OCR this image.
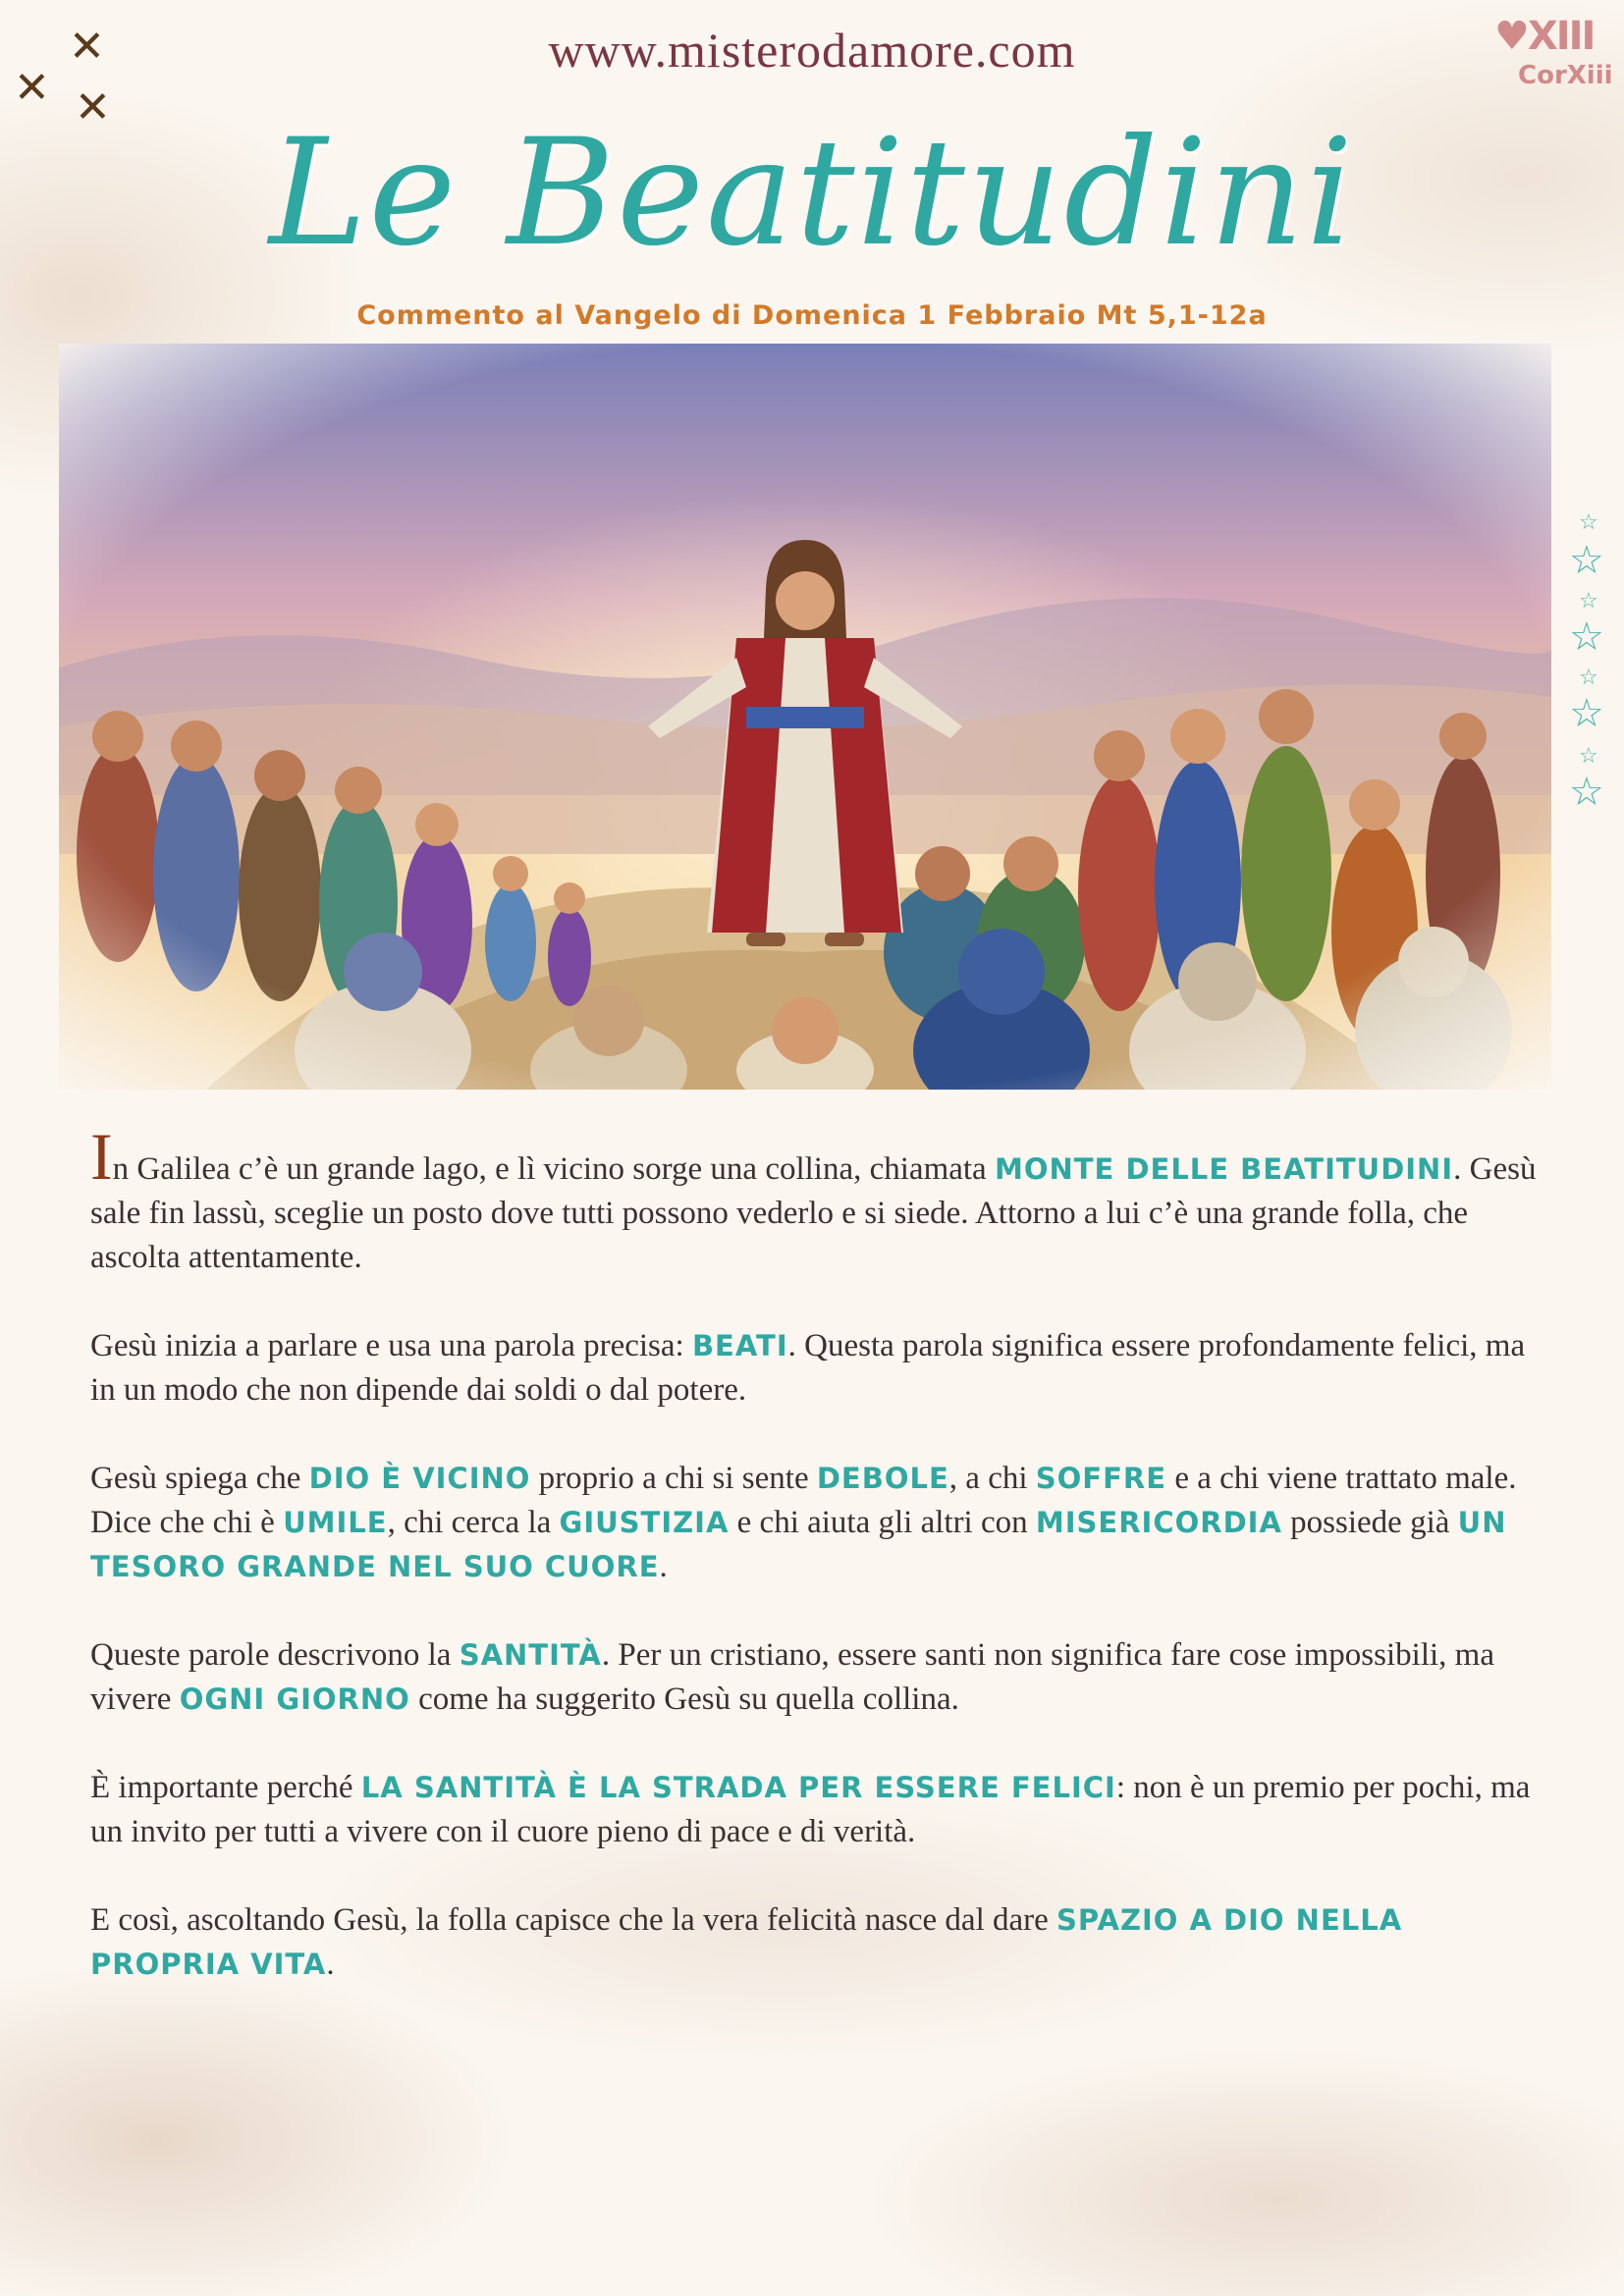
www.misterodamore.com
✕
✕ ✕
♥XIII
CorXiii
Le Beatitudini
Commento al Vangelo di Domenica 1 Febbraio Mt 5,1-12a
☆
☆
☆
☆
☆
☆
☆
☆

In Galilea c’è un grande lago, e lì vicino sorge una collina, chiamata MONTE DELLE BEATITUDINI. Gesù sale fin lassù, sceglie un posto dove tutti possono vederlo e si siede. Attorno a lui c’è una grande folla, che ascolta attentamente.

Gesù inizia a parlare e usa una parola precisa: BEATI. Questa parola significa essere profondamente felici, ma in un modo che non dipende dai soldi o dal potere.

Gesù spiega che DIO È VICINO proprio a chi si sente DEBOLE, a chi SOFFRE e a chi viene trattato male. Dice che chi è UMILE, chi cerca la GIUSTIZIA e chi aiuta gli altri con MISERICORDIA possiede già UN TESORO GRANDE NEL SUO CUORE.

Queste parole descrivono la SANTITÀ. Per un cristiano, essere santi non significa fare cose impossibili, ma vivere OGNI GIORNO come ha suggerito Gesù su quella collina.

È importante perché LA SANTITÀ È LA STRADA PER ESSERE FELICI: non è un premio per pochi, ma un invito per tutti a vivere con il cuore pieno di pace e di verità.

E così, ascoltando Gesù, la folla capisce che la vera felicità nasce dal dare SPAZIO A DIO NELLA PROPRIA VITA.
